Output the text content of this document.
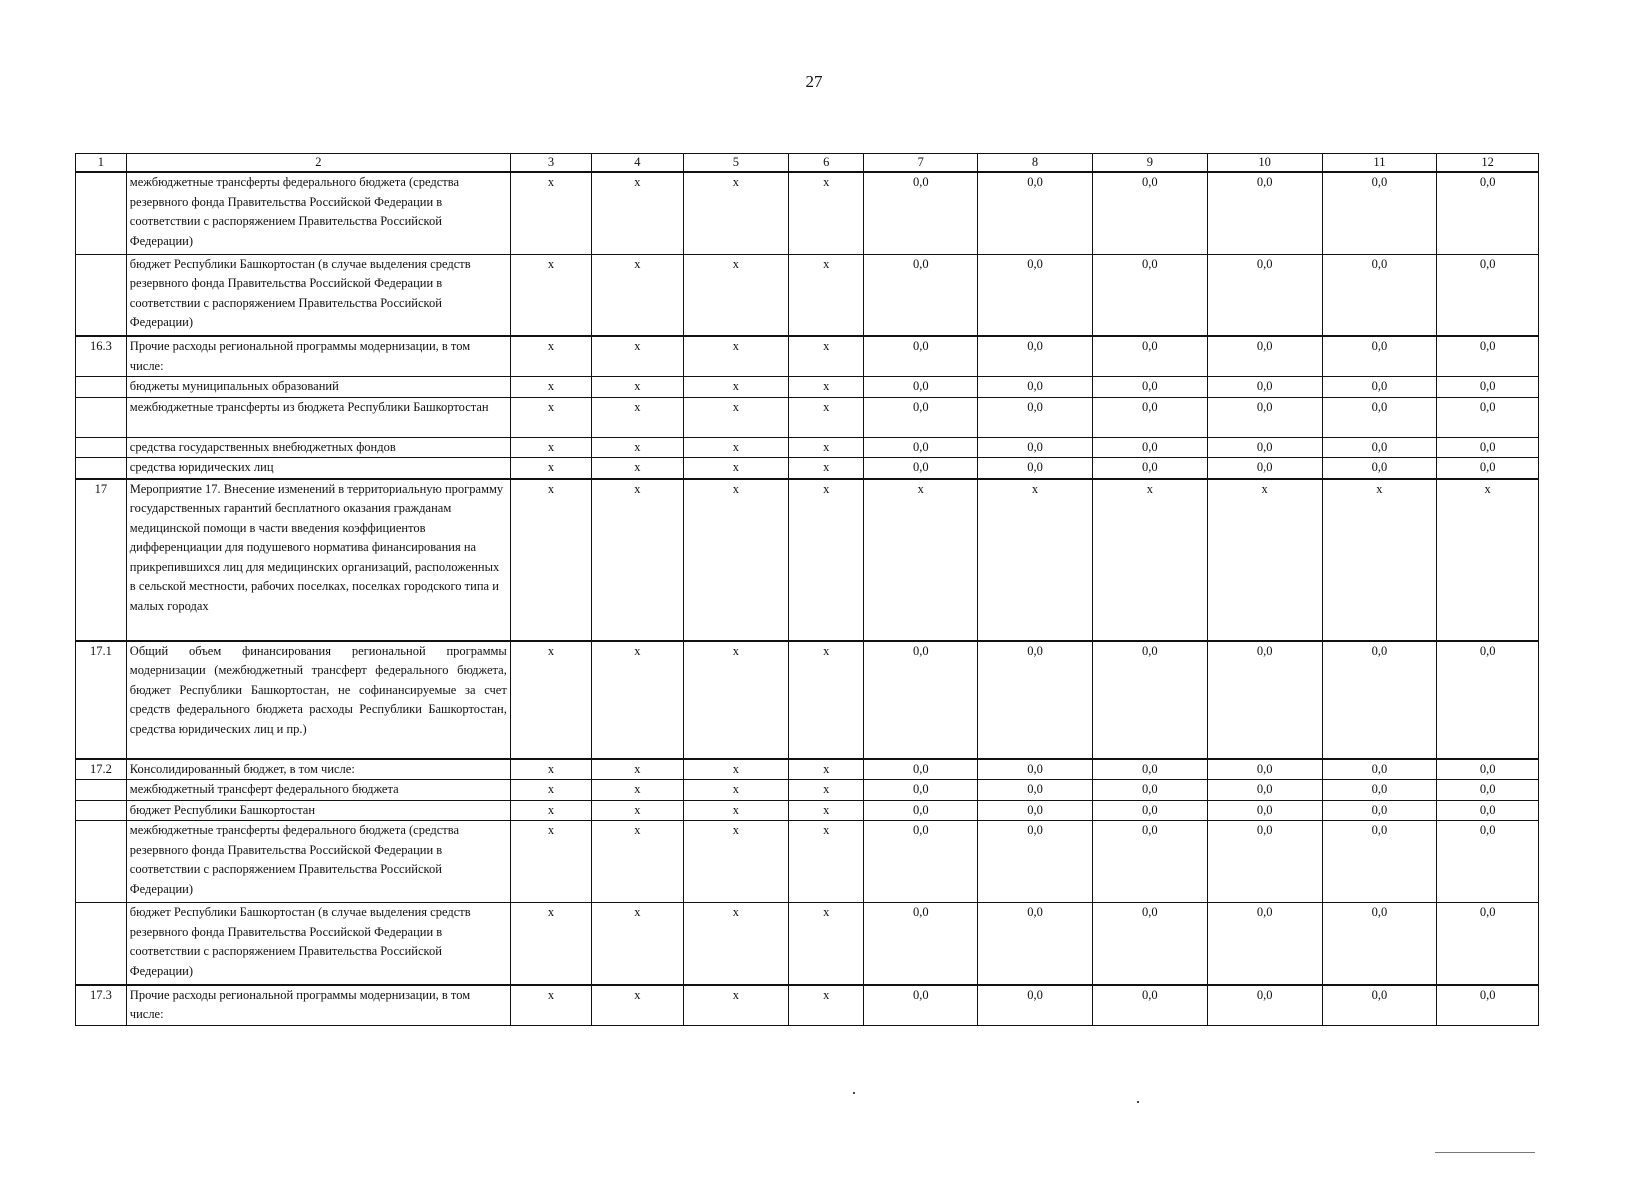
27
1	2	3	4	5	6	7	8	9	10	11	12
	межбюджетные трансферты федерального бюджета (средства резервного фонда Правительства Российской Федерации в соответствии с распоряжением Правительства Российской Федерации)	x	x	x	x	0,0	0,0	0,0	0,0	0,0	0,0
	бюджет Республики Башкортостан (в случае выделения средств резервного фонда Правительства Российской Федерации в соответствии с распоряжением Правительства Российской Федерации)	x	x	x	x	0,0	0,0	0,0	0,0	0,0	0,0
16.3	Прочие расходы региональной программы модернизации, в том числе:	x	x	x	x	0,0	0,0	0,0	0,0	0,0	0,0
	бюджеты муниципальных образований	x	x	x	x	0,0	0,0	0,0	0,0	0,0	0,0
	межбюджетные трансферты из бюджета Республики Башкортостан	x	x	x	x	0,0	0,0	0,0	0,0	0,0	0,0
	средства государственных внебюджетных фондов	x	x	x	x	0,0	0,0	0,0	0,0	0,0	0,0
	средства юридических лиц	x	x	x	x	0,0	0,0	0,0	0,0	0,0	0,0
17	Мероприятие 17. Внесение изменений в территориальную программу государственных гарантий бесплатного оказания гражданам медицинской помощи в части введения коэффициентов дифференциации для подушевого норматива финансирования на прикрепившихся лиц для медицинских организаций, расположенных в сельской местности, рабочих поселках, поселках городского типа и малых городах	x	x	x	x	x	x	x	x	x	x
17.1	Общий объем финансирования региональной программы модернизации (межбюджетный трансферт федерального бюджета, бюджет Республики Башкортостан, не софинансируемые за счет средств федерального бюджета расходы Республики Башкортостан, средства юридических лиц и пр.)	x	x	x	x	0,0	0,0	0,0	0,0	0,0	0,0
17.2	Консолидированный бюджет, в том числе:	x	x	x	x	0,0	0,0	0,0	0,0	0,0	0,0
	межбюджетный трансферт федерального бюджета	x	x	x	x	0,0	0,0	0,0	0,0	0,0	0,0
	бюджет Республики Башкортостан	x	x	x	x	0,0	0,0	0,0	0,0	0,0	0,0
	межбюджетные трансферты федерального бюджета (средства резервного фонда Правительства Российской Федерации в соответствии с распоряжением Правительства Российской Федерации)	x	x	x	x	0,0	0,0	0,0	0,0	0,0	0,0
	бюджет Республики Башкортостан (в случае выделения средств резервного фонда Правительства Российской Федерации в соответствии с распоряжением Правительства Российской Федерации)	x	x	x	x	0,0	0,0	0,0	0,0	0,0	0,0
17.3	Прочие расходы региональной программы модернизации, в том числе:	x	x	x	x	0,0	0,0	0,0	0,0	0,0	0,0
